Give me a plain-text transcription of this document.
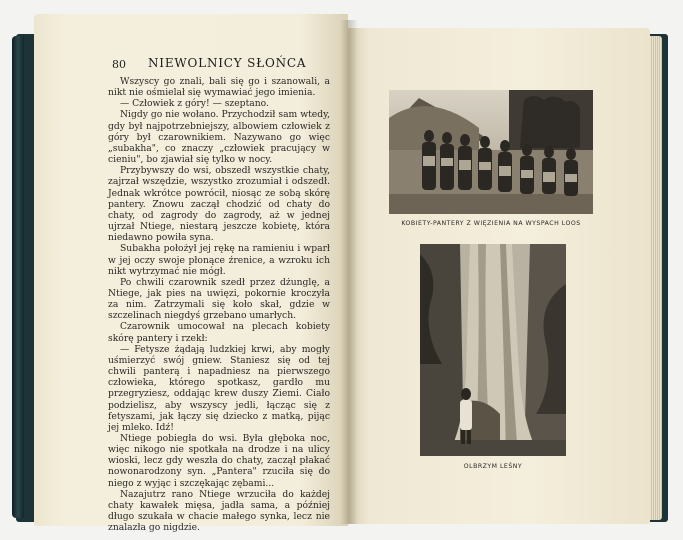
80 NIEWOLNICY SŁOŃCA

Wszyscy go znali, bali się go i szanowali, a nikt nie ośmielał się wymawiać jego imienia.

— Człowiek z góry! — szeptano.

Nigdy go nie wołano. Przychodził sam wtedy, gdy był najpotrzebniejszy, albowiem człowiek z góry był czarownikiem. Nazywano go więc „subakha", co znaczy „człowiek pracujący w cieniu", bo zjawiał się tylko w nocy.

Przybywszy do wsi, obszedł wszystkie chaty, zajrzał wszędzie, wszystko zrozumiał i odszedł. Jednak wkrótce powrócił, niosąc ze sobą skórę pantery. Znowu zaczął chodzić od chaty do chaty, od zagrody do zagrody, aż w jednej ujrzał Ntiege, niestarą jeszcze kobietę, która niedawno powiła syna.

Subakha położył jej rękę na ramieniu i wparł w jej oczy swoje płonące źrenice, a wzroku ich nikt wytrzymać nie mógł.

Po chwili czarownik szedł przez dżunglę, a Ntiege, jak pies na uwięzi, pokornie kroczyła za nim. Zatrzymali się koło skał, gdzie w szczelinach niegdyś grzebano umarłych.

Czarownik umocował na plecach kobiety skórę pantery i rzekł:

— Fetysze żądają ludzkiej krwi, aby mogły uśmierzyć swój gniew. Staniesz się od tej chwili panterą i napadniesz na pierwszego człowieka, którego spotkasz, gardło mu przegryziesz, oddając krew duszy Ziemi. Ciało podzielisz, aby wszyscy jedli, łącząc się z fetyszami, jak łączy się dziecko z matką, pijąc jej mleko. Idź!

Ntiege pobiegła do wsi. Była głęboka noc, więc nikogo nie spotkała na drodze i na ulicy wioski, lecz gdy weszła do chaty, zaczął płakać nowonarodzony syn. „Pantera" rzuciła się do niego z wyjąc i szczękając zębami...

Nazajutrz rano Ntiege wrzuciła do każdej chaty kawałek mięsa, jadła sama, a później długo szukała w chacie małego synka, lecz nie znalazła go nigdzie.

KOBIETY-PANTERY Z WIĘZIENIA NA WYSPACH LOOS
OLBRZYM LEŚNY
